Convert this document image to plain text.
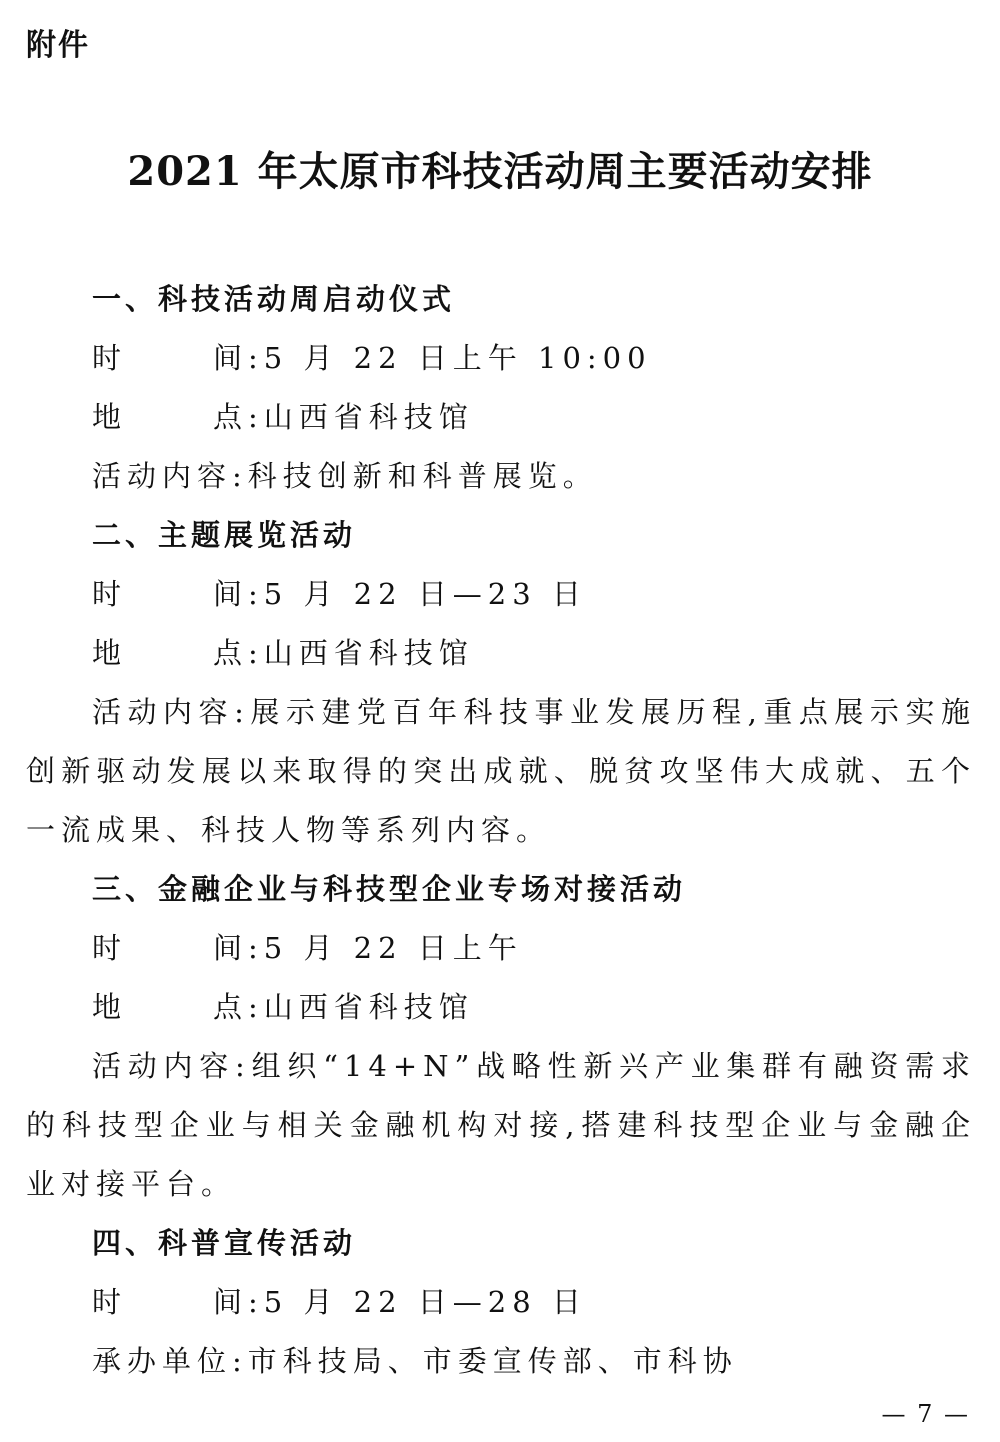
附件
2021 年太原市科技活动周主要活动安排

一、科技活动周启动仪式

时	间 :5 月 22 日上午 10:00

地	点 :山西省科技馆

活动内容:科技创新和科普展览。

二、主题展览活动

时	间 :5 月 22 日—23 日

地	点 :山西省科技馆

活动内容:展示建党百年科技事业发展历程,重点展示实施创新驱动发展以来取得的突出成就、脱贫攻坚伟大成就、五个一流成果、科技人物等系列内容。

三、金融企业与科技型企业专场对接活动

时	间 :5 月 22 日上午

地	点 :山西省科技馆

活动内容:组织“14+N”战略性新兴产业集群有融资需求的科技型企业与相关金融机构对接,搭建科技型企业与金融企业对接平台。

四、科普宣传活动

时	间 :5 月 22 日—28 日

承办单位:市科技局、市委宣传部、市科协

— 7 —
